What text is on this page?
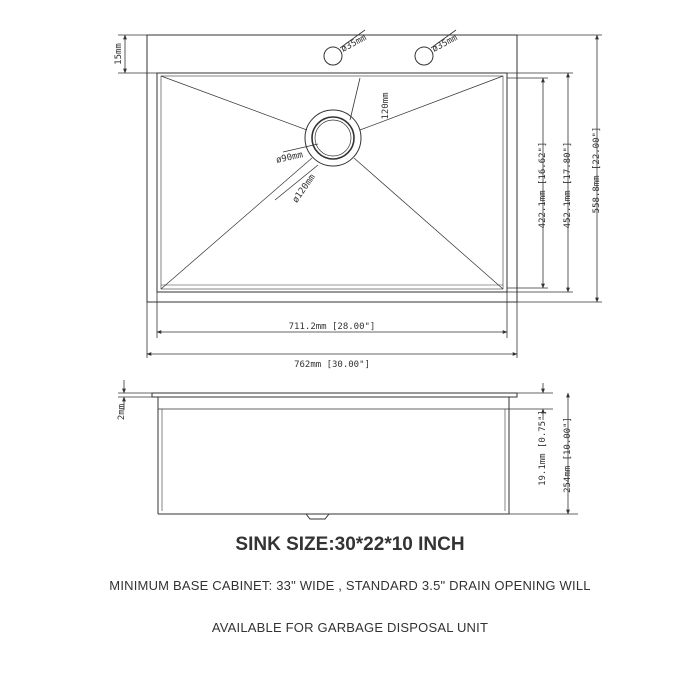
15mm	ø35mm	ø35mm
120mm
ø90mm
ø120mm	422.1mm [16.62"] 452.1mm [17.80"] 558.8mm [22.00"]
711.2mm [28.00"]
762mm [30.00"]
2mm	19.1mm [0.75"] 254mm [10.00"]
SINK SIZE:30*22*10 INCH
MINIMUM BASE CABINET: 33" WIDE , STANDARD 3.5" DRAIN OPENING WILL
AVAILABLE FOR GARBAGE DISPOSAL UNIT
